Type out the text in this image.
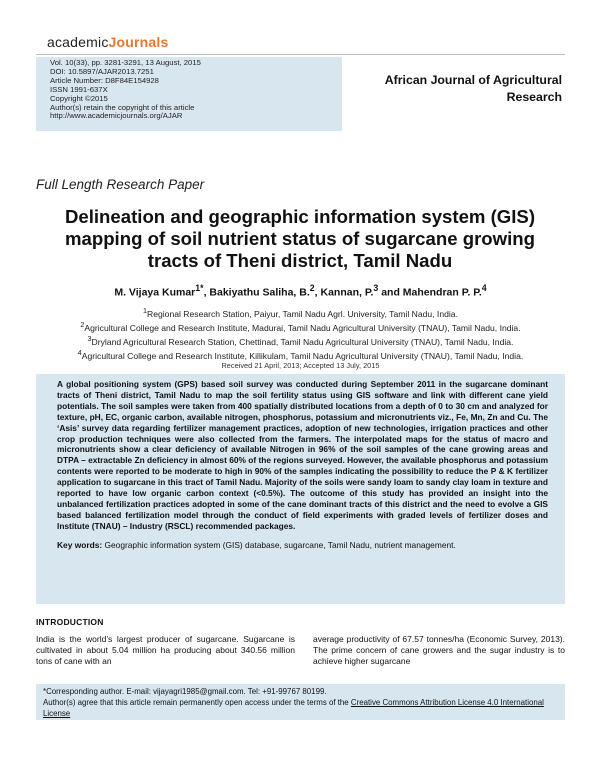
academicJournals
Vol. 10(33), pp. 3281-3291, 13 August, 2015
DOI: 10.5897/AJAR2013.7251
Article Number: D8F84E154928
ISSN 1991-637X
Copyright ©2015
Author(s) retain the copyright of this article
http://www.academicjournals.org/AJAR
African Journal of Agricultural
Research
Full Length Research Paper
Delineation and geographic information system (GIS)
mapping of soil nutrient status of sugarcane growing
tracts of Theni district, Tamil Nadu
M. Vijaya Kumar$^{1*}$, Bakiyathu Saliha, B.$^2$, Kannan, P.$^3$ and Mahendran P. P.$^4$
$^1$Regional Research Station, Paiyur, Tamil Nadu Agrl. University, Tamil Nadu, India.
$^2$Agricultural College and Research Institute, Madurai, Tamil Nadu Agricultural University (TNAU), Tamil Nadu, India.
$^3$Dryland Agricultural Research Station, Chettinad, Tamil Nadu Agricultural University (TNAU), Tamil Nadu, India.
$^4$Agricultural College and Research Institute, Killikulam, Tamil Nadu Agricultural University (TNAU), Tamil Nadu, India.
Received 21 April, 2013; Accepted 13 July, 2015

A global positioning system (GPS) based soil survey was conducted during September 2011 in the sugarcane dominant tracts of Theni district, Tamil Nadu to map the soil fertility status using GIS software and link with different cane yield potentials. The soil samples were taken from 400 spatially distributed locations from a depth of 0 to 30 cm and analyzed for texture, pH, EC, organic carbon, available nitrogen, phosphorus, potassium and micronutrients viz., Fe, Mn, Zn and Cu. The ‘Asis’ survey data regarding fertilizer management practices, adoption of new technologies, irrigation practices and other crop production techniques were also collected from the farmers. The interpolated maps for the status of macro and micronutrients show a clear deficiency of available Nitrogen in 96% of the soil samples of the cane growing areas and DTPA – extractable Zn deficiency in almost 60% of the regions surveyed. However, the available phosphorus and potassium contents were reported to be moderate to high in 90% of the samples indicating the possibility to reduce the P & K fertilizer application to sugarcane in this tract of Tamil Nadu. Majority of the soils were sandy loam to sandy clay loam in texture and reported to have low organic carbon context (<0.5%). The outcome of this study has provided an insight into the unbalanced fertilization practices adopted in some of the cane dominant tracts of this district and the need to evolve a GIS based balanced fertilization model through the conduct of field experiments with graded levels of fertilizer doses and Institute (TNAU) – Industry (RSCL) recommended packages.

Key words: Geographic information system (GIS) database, sugarcane, Tamil Nadu, nutrient management.
INTRODUCTION
India is the world’s largest producer of sugarcane. Sugarcane is cultivated in about 5.04 million ha producing about 340.56 million tons of cane with an
average productivity of 67.57 tonnes/ha (Economic Survey, 2013). The prime concern of cane growers and the sugar industry is to achieve higher sugarcane
*Corresponding author. E-mail: vijayagri1985@gmail.com. Tel: +91-99767 80199.
Author(s) agree that this article remain permanently open access under the terms of the Creative Commons Attribution License 4.0 International License
